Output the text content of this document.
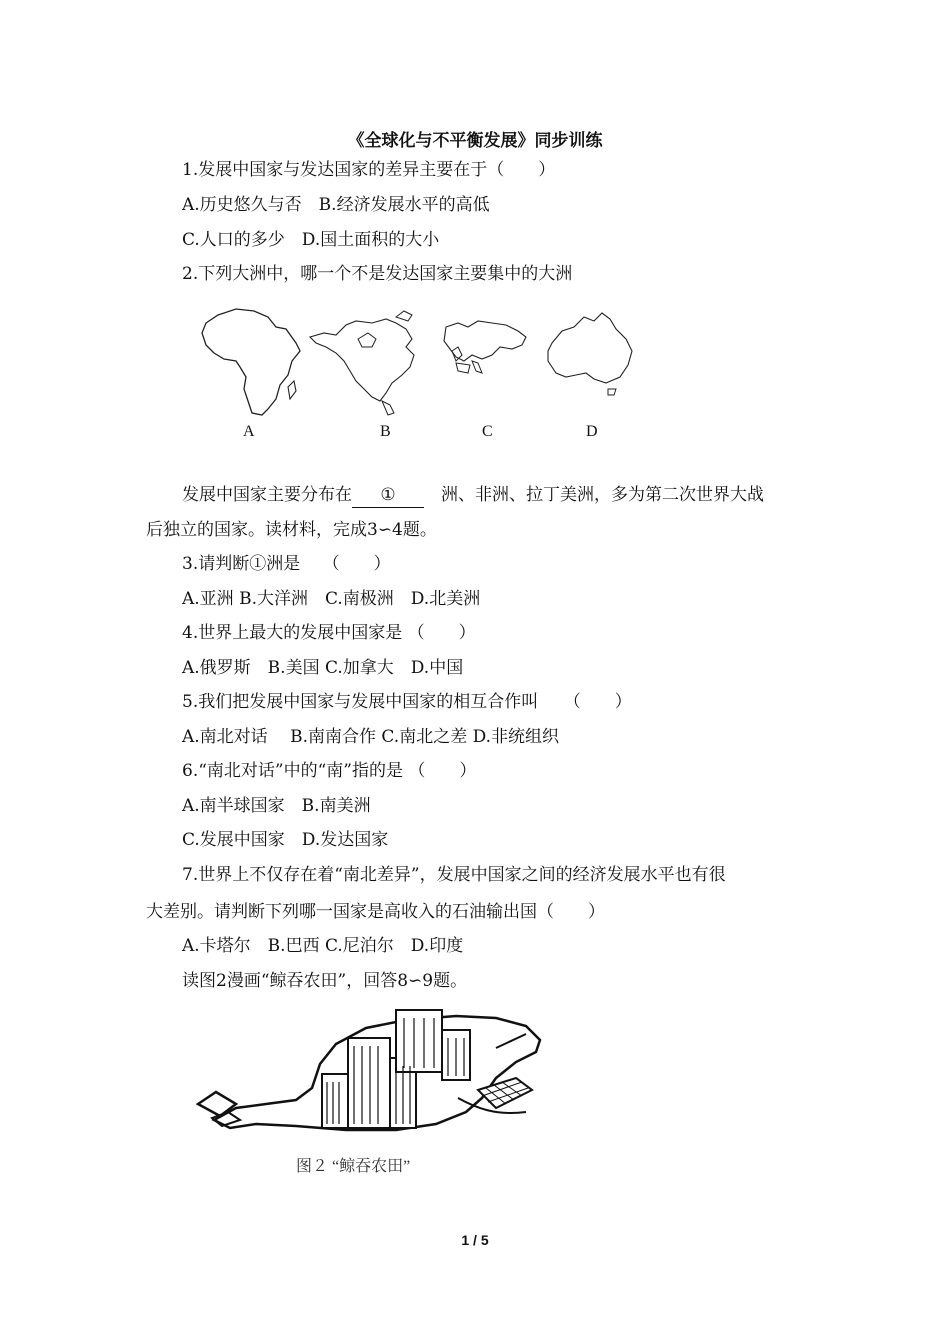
《全球化与不平衡发展》同步训练
1.发展中国家与发达国家的差异主要在于（　　）
A.历史悠久与否　B.经济发展水平的高低
C.人口的多少　D.国土面积的大小
2.下列大洲中，哪一个不是发达国家主要集中的大洲
A	B	C	D
发展中国家主要分布在 ①　	洲、非洲、拉丁美洲，多为第二次世界大战
后独立的国家。读材料，完成3∽4题。
3.请判断①洲是　 （　　）
A.亚洲 B.大洋洲　C.南极洲　D.北美洲
4.世界上最大的发展中国家是 （　　）
A.俄罗斯　B.美国 C.加拿大　D.中国
5.我们把发展中国家与发展中国家的相互合作叫　　（　　）
A.南北对话　 B.南南合作 C.南北之差 D.非统组织
6.“南北对话”中的“南”指的是 （　　）
A.南半球国家　B.南美洲
C.发展中国家　D.发达国家
7.世界上不仅存在着“南北差异”，发展中国家之间的经济发展水平也有很
大差别。请判断下列哪一国家是高收入的石油输出国（　　）
A.卡塔尔　B.巴西 C.尼泊尔　D.印度
读图2漫画“鲸吞农田”，回答8∽9题。
图２ “鲸吞农田”
1 / 5
